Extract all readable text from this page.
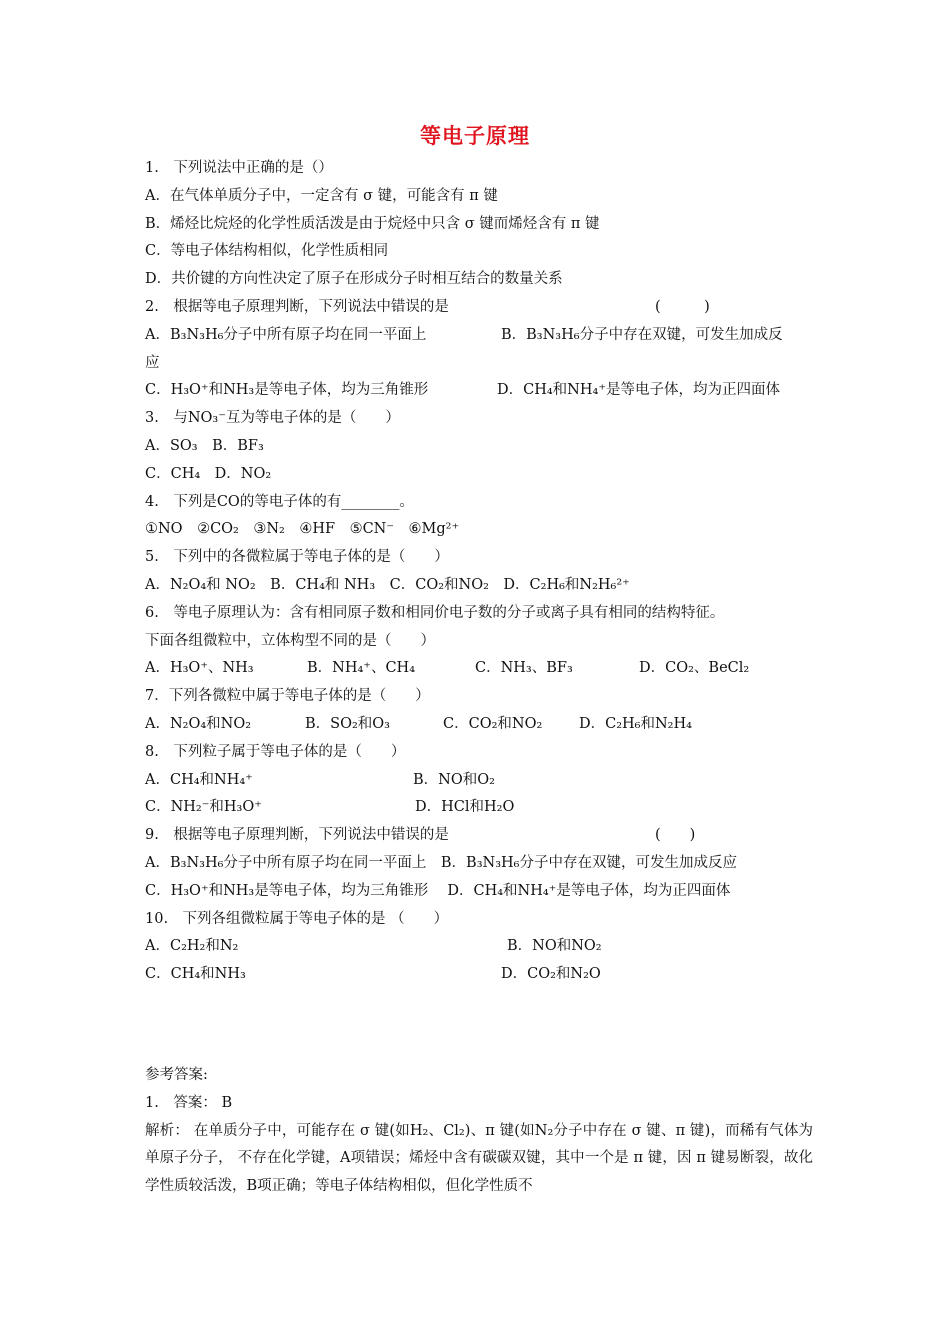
等电子原理
1.　下列说法中正确的是（）
A．在气体单质分子中，一定含有 σ 键，可能含有 π 键
B．烯烃比烷烃的化学性质活泼是由于烷烃中只含 σ 键而烯烃含有 π 键
C．等电子体结构相似，化学性质相同
D．共价键的方向性决定了原子在形成分子时相互结合的数量关系
2.　根据等电子原理判断，下列说法中错误的是	(　　　)
A．B₃N₃H₆分子中所有原子均在同一平面上	B．B₃N₃H₆分子中存在双键，可发生加成反
应
C．H₃O⁺和NH₃是等电子体，均为三角锥形	D．CH₄和NH₄⁺是等电子体，均为正四面体
3.　与NO₃⁻互为等电子体的是（　　）
A．SO₃　B．BF₃
C．CH₄　D．NO₂
4.　下列是CO的等电子体的有________。
①NO　②CO₂　③N₂　④HF　⑤CN⁻　⑥Mg²⁺
5.　下列中的各微粒属于等电子体的是（　　）
A．N₂O₄和 NO₂　B．CH₄和 NH₃　C．CO₂和NO₂　D．C₂H₆和N₂H₆²⁺
6.　等电子原理认为：含有相同原子数和相同价电子数的分子或离子具有相同的结构特征。
下面各组微粒中，立体构型不同的是（　　）
A．H₃O⁺、NH₃	B．NH₄⁺、CH₄	C．NH₃、BF₃	D．CO₂、BeCl₂
7．下列各微粒中属于等电子体的是（　　）
A．N₂O₄和NO₂	B．SO₂和O₃	C．CO₂和NO₂	D．C₂H₆和N₂H₄
8.　下列粒子属于等电子体的是（　　）
A．CH₄和NH₄⁺	B．NO和O₂
C．NH₂⁻和H₃O⁺	D．HCl和H₂O
9.　根据等电子原理判断，下列说法中错误的是	(　　)
A．B₃N₃H₆分子中所有原子均在同一平面上　B．B₃N₃H₆分子中存在双键，可发生加成反应
C．H₃O⁺和NH₃是等电子体，均为三角锥形　 D．CH₄和NH₄⁺是等电子体，均为正四面体
10.　下列各组微粒属于等电子体的是 （　　）
A．C₂H₂和N₂	B．NO和NO₂
C．CH₄和NH₃	D．CO₂和N₂O
参考答案:
1.　答案： B
解析： 在单质分子中，可能存在 σ 键(如H₂、Cl₂)、π 键(如N₂分子中存在 σ 键、π 键)，而稀有气体为单原子分子， 不存在化学键，A项错误；烯烃中含有碳碳双键，其中一个是 π 键，因 π 键易断裂，故化学性质较活泼，B项正确；等电子体结构相似，但化学性质不
